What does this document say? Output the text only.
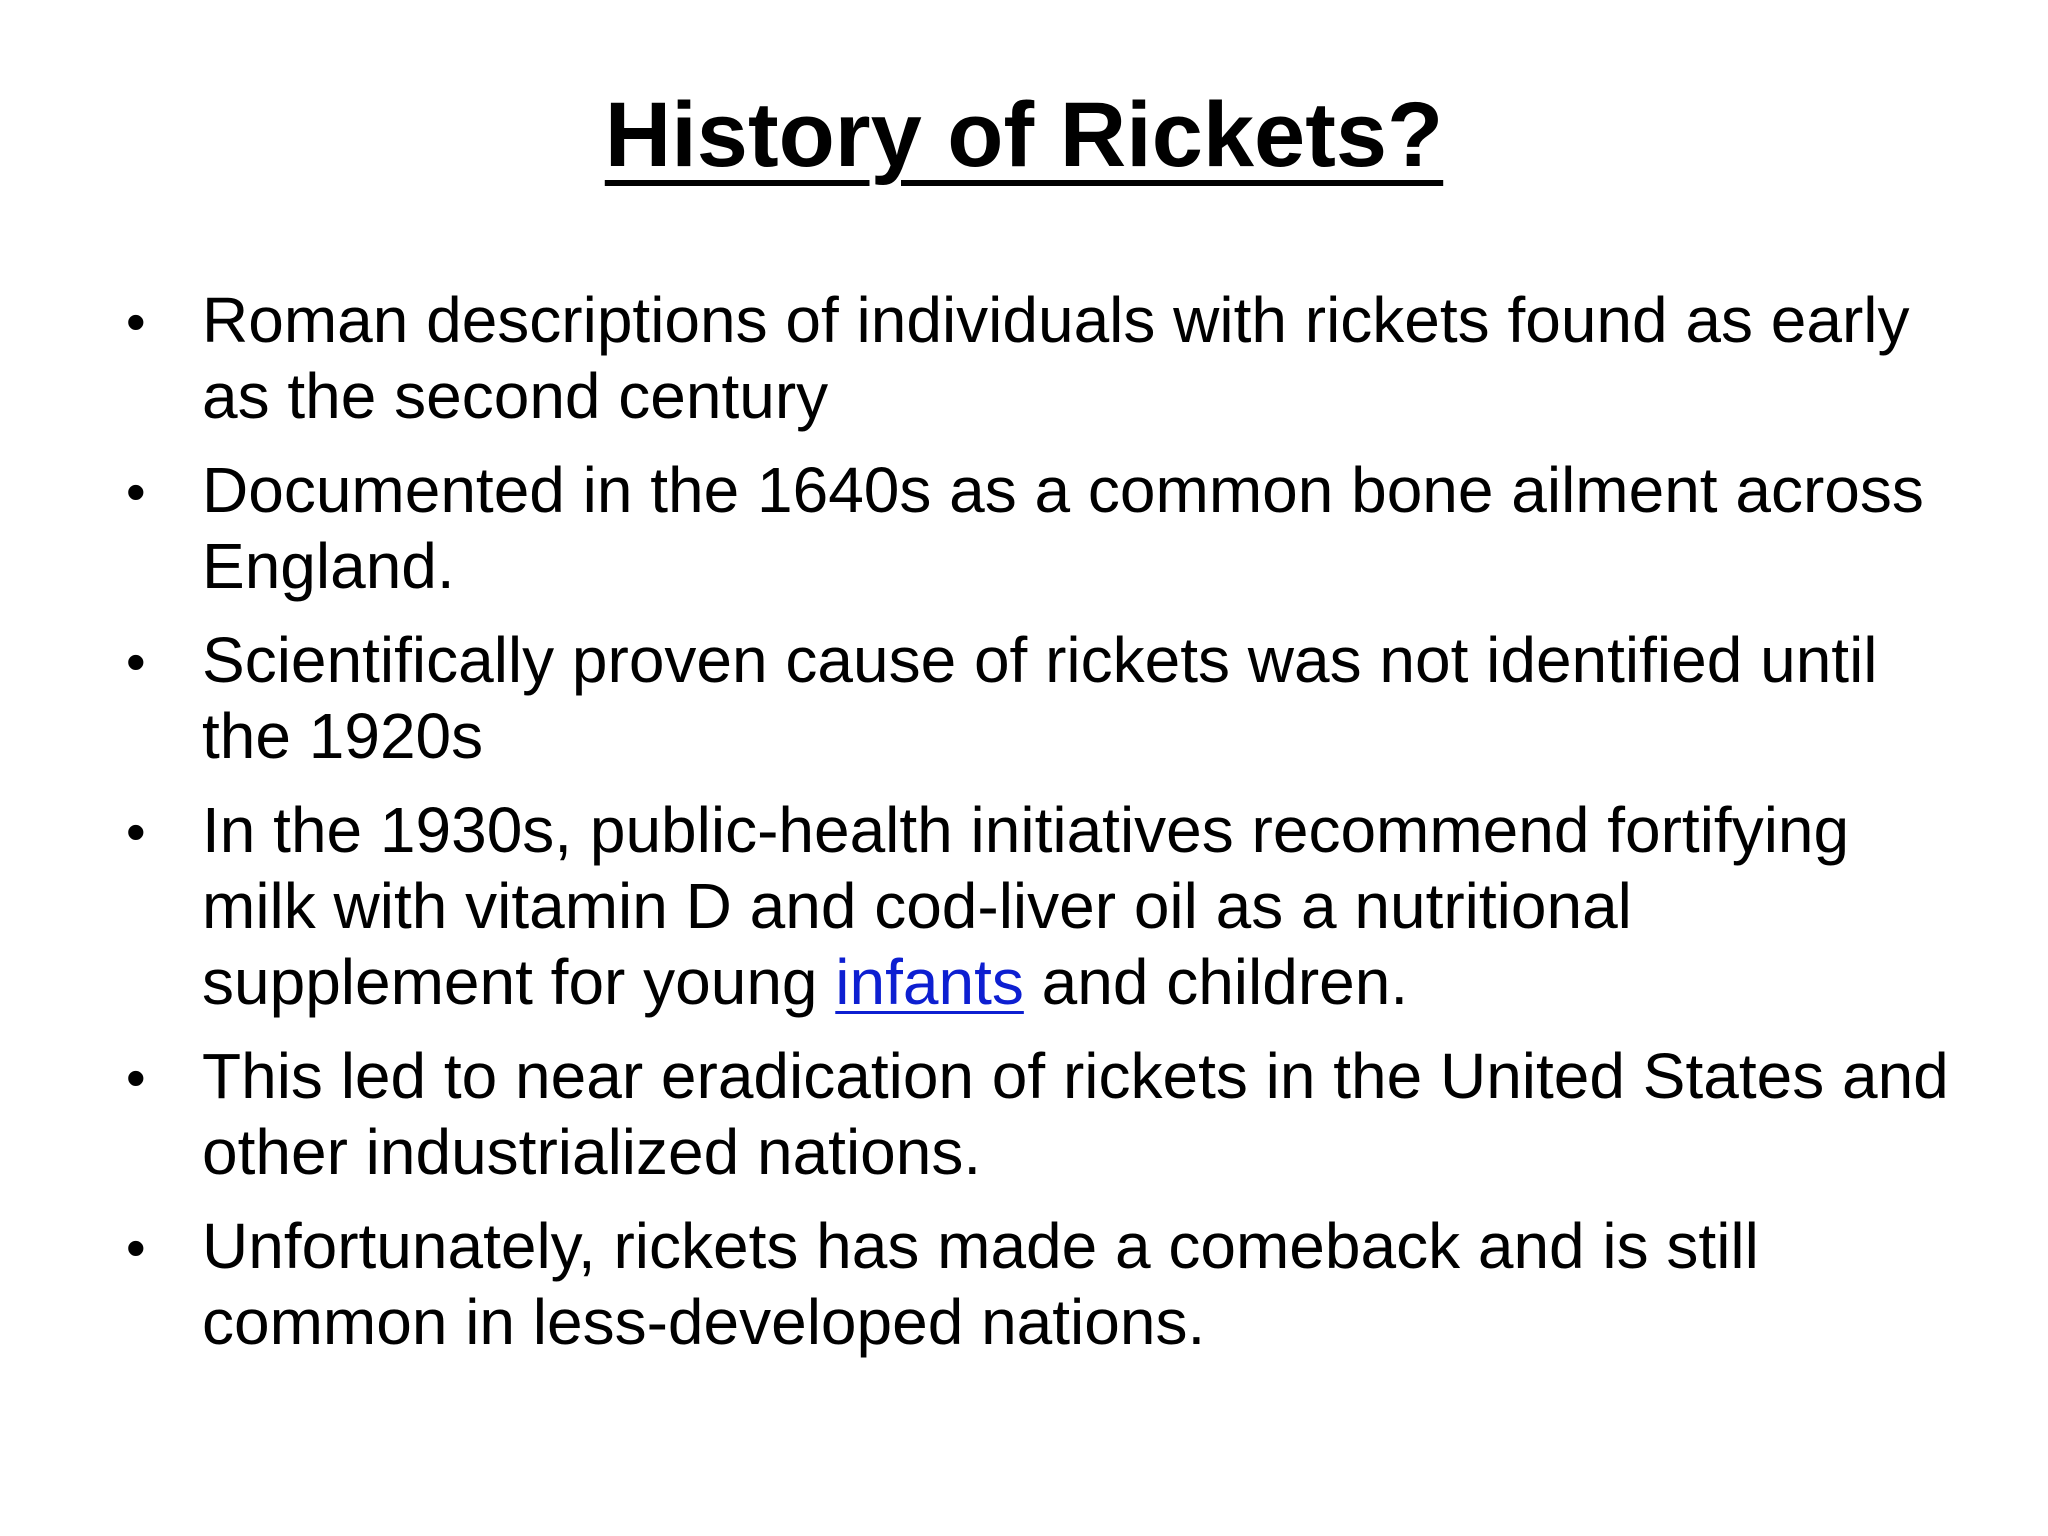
History of Rickets?
• Roman descriptions of individuals with rickets found as early as the second century
• Documented in the 1640s as a common bone ailment across England.
• Scientifically proven cause of rickets was not identified until the 1920s
• In the 1930s, public-health initiatives recommend fortifying milk with vitamin D and cod-liver oil as a nutritional supplement for young infants and children.
• This led to near eradication of rickets in the United States and other industrialized nations.
• Unfortunately, rickets has made a comeback and is still common in less-developed nations.
